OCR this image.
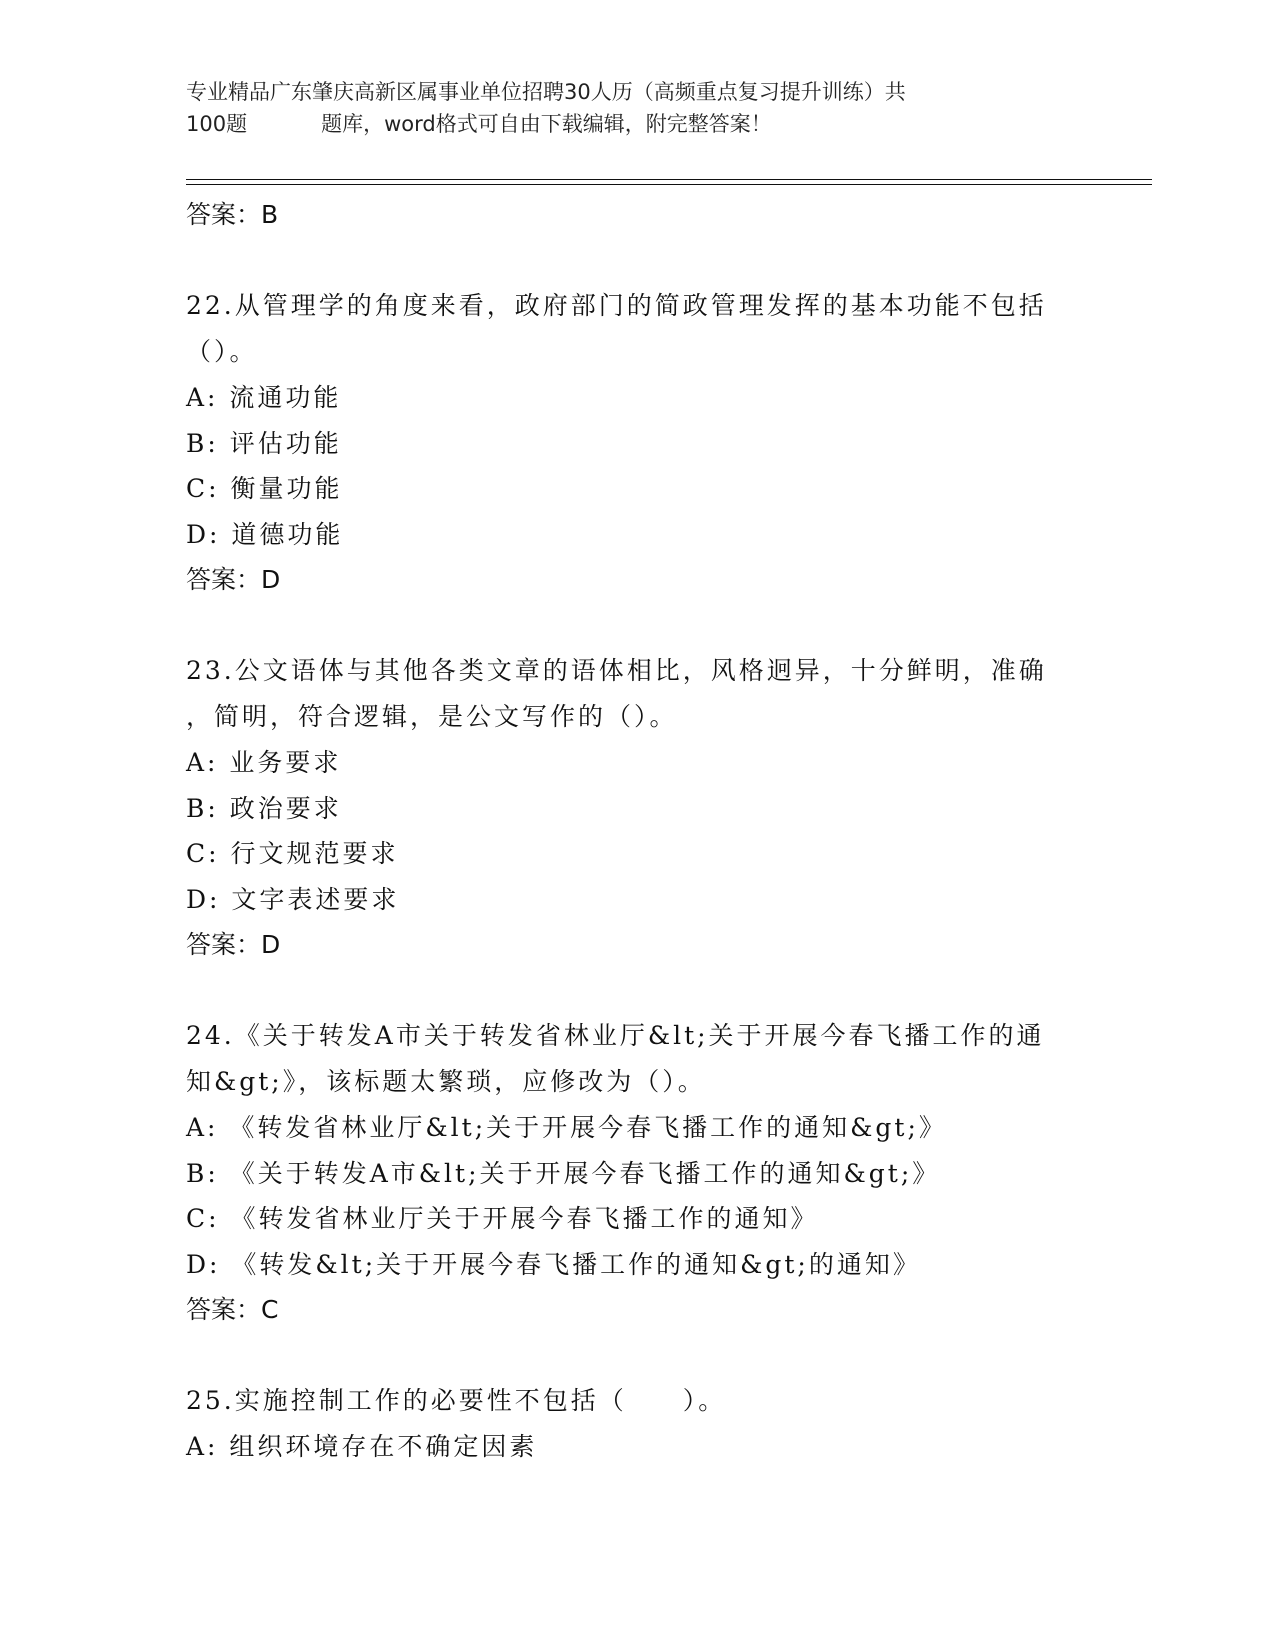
专业精品广东肇庆高新区属事业单位招聘30人历（高频重点复习提升训练）共
100题	题库，word格式可自由下载编辑，附完整答案！

答案：B

22.从管理学的角度来看，政府部门的简政管理发挥的基本功能不包括

（）。

A: 流通功能

B: 评估功能

C: 衡量功能

D: 道德功能

答案：D

23.公文语体与其他各类文章的语体相比，风格迥异，十分鲜明，准确

，简明，符合逻辑，是公文写作的（）。

A: 业务要求

B: 政治要求

C: 行文规范要求

D: 文字表述要求

答案：D

24.《关于转发A市关于转发省林业厅&lt;关于开展今春飞播工作的通

知&gt;》，该标题太繁琐，应修改为（）。

A: 《转发省林业厅&lt;关于开展今春飞播工作的通知&gt;》

B: 《关于转发A市&lt;关于开展今春飞播工作的通知&gt;》

C: 《转发省林业厅关于开展今春飞播工作的通知》

D: 《转发&lt;关于开展今春飞播工作的通知&gt;的通知》

答案：C

25.实施控制工作的必要性不包括（　　）。

A: 组织环境存在不确定因素
